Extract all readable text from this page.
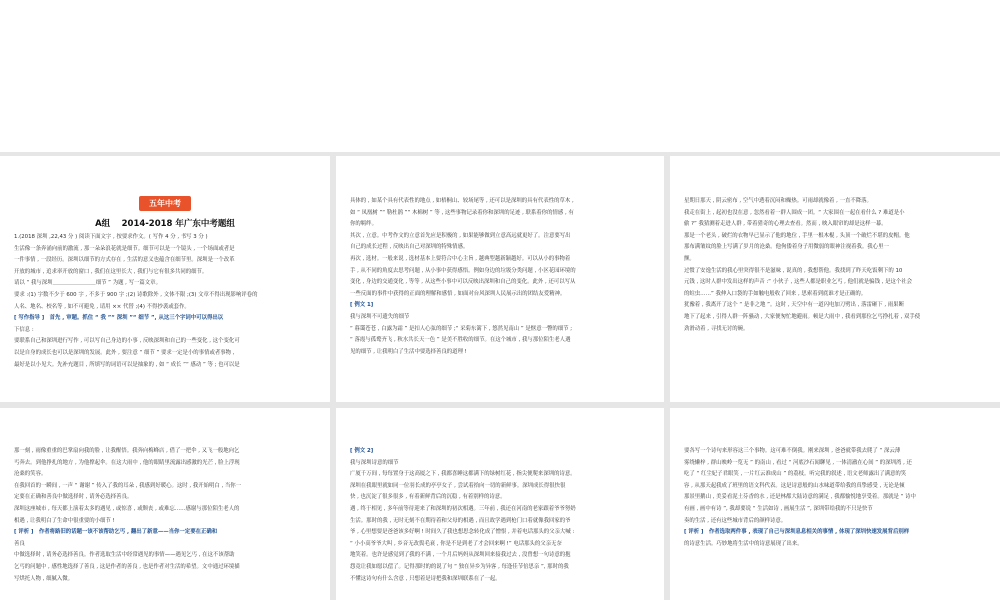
五年中考
A组　 2014-2018 年广东中考题组

1.(2018 深圳 ,22,43 分 ) 阅读下面文字 , 按要求作文。( 写作 4 分 , 书写 3 分 )

生活像一条奔涌向前的激流 , 那一朵朵浪花就是细节。细节可以是一个镜头 , 一个场面或者是

一件事情 , 一段经历。深圳以细节的方式存在 , 生活的意义也蕴含在细节里。深圳是一个改革

开放的城市 , 追求率开放的窗口 , 我们在这里长大 , 我们与它有很多共同的细节。

请以 “ 我与深圳＿＿＿＿＿＿＿＿细节 ” 为题 , 写一篇文章。

要求 :(1) 字数不少于 600 字 , 不多于 900 字 ;(2) 诗歌除外 , 文体不限 ;(3) 文章不得出现影响评卷的

人名、地名、校名等 , 如不可避免 , 请用 ×× 代替 ;(4) 不得抄袭或套作。

[ 写作指导 ]　首先 , 审题。抓住 “ 我 ”“ 深圳 ”“ 细节 ”, 从这三个字词中可以得出以

下信息 :

要联系自己和深圳进行写作 , 可以写自己身边的小事 , 反映深圳和自己的一些变化 , 这个变化可

以是自身的成长也可以是深圳的发展。此外 , 要注意 “ 细节 ” 要求一定是小的事情或者事物 ,

最好是以小见大。先补充题目 , 所填写的词语可以是抽象的 , 如 “ 成长 ”“ 感动 ” 等 ; 也可以是

具体的 , 如某个具有代表性的地点 , 如梧桐山、较场尾等 , 还可以是深圳的具有代表性的草木 ,

如 “ 凤凰树 ”“ 勒杜鹃 ”“ 木棉树 ” 等 , 这些事物记录着你和深圳的足迹 , 联系着你的情感 , 有

你的羁绊。

其次 , 立意。中考作文的立意首先应是积极的 , 如果能够做到立意高远就更好了。注意要写出

自己的成长过程 , 反映出自己对深圳的特殊情感。

再次 , 选材。一般来说 , 选材基本上要符合中心主旨 , 越典型越新颖越好。可以从小的事物着

手 , 从不同的角度去思考问题 , 从小事中获得感悟。例如身边的垃圾分类问题 , 小区花园环境的

变化 , 身边的交通变化 , 等等 , 从这些小事中可以反映出深圳和自己的变化。此外 , 还可以写从

一些反面的事件中获得的正面的理解和感悟 , 如面对台风深圳人民展示出的团结友爱精神。

[ 例文 1]

我与深圳不可遗失的细节

“ 暮霭苍苍 , 白露为霜 ” 是扣人心弦的细节 ;“ 采菊东篱下 , 悠然见南山 ” 是惬意一瞥的细节 ;

“ 落霞与孤鹜齐飞 , 秋水共长天一色 ” 是美不胜收的细节。在这个城市 , 我与那位陌生老人遇

见的细节 , 让我明白了生活中要选择善良的道理 !

星期日那天 , 阴云密布 , 空气中透着沉闷和燥热。可雨却就像着 , 一直不降落。

我走在街上 , 起初也没在意 , 忽然看着一群人围成一团。“ 大家围在一起在看什么 ? 难道是小

偷 ?” 我猜测着走进人群 , 带着猎奇的心理去查看。然而 , 映入眼帘的却是这样一幕。

那是一个老头 , 破烂的衣物早已显示了他的地位 , 手里一根木棍 , 头顶一个破烂不堪的皮帽。他

那布满皱纹的脸上写满了岁月的沧桑。他佝偻着身子用微弱的眼神注视着我。我心里一

颤。

过惯了安逸生活的我心里突得很不是滋味 , 说真的 , 我想帮他。我找到了昨天吃饭剩下的 10

元钱 , 这时人群中发出这样的声音 :“ 小伙子 , 这些人都是职业乞丐 , 他们就是骗钱 , 是这个社会

的蛀虫……” 我伸入口袋的手如触电般收了回来 , 思索着到底谁才是正确的。

犹豫着 , 我离开了这个 “ 是非之地 ”。这时 , 天空中有一道闪电加刀劈出 , 落雷砸下 , 雨果断

地下了起来 , 引得人群一阵骚动 , 大家便匆忙地避雨。顿是大雨中 , 我看到那位乞丐挣扎着 , 双手使

劲滑动着 , 寻找无讨的碗。

那一刻 , 雨像重重的巴掌扇向我的脸 , 让我醒悟。我奔向梅峰店 , 借了一把伞 , 又飞一般地向乞

丐奔去。到他挣扎的地方 , 为他撑起伞。在这大雨中 , 他的眼睛里流露出感激的光芒 , 脸上浮现

沧桑的笑容。

在我回首的一瞬间 , 一声 “ 谢谢 ” 传入了我的耳朵 , 我感到好暖心。这时 , 我开始明白 , 当你一

定要在正确和善良中做选择时 , 请务必选择善良。

深圳这座城市 , 每天都上演着太多的遇见 , 或惊喜 , 或颓丧 , 或难忘……感谢与那位陌生老人的

相遇 , 让我明白了生命中很重要的小细节 !

[ 评析 ]　作者将路旧的话题一该不该帮助乞丐 , 翻出了新意——当你一定要在正确和

善良

中做选择时 , 请务必选择善良。作者选取生活中经常遇见的事情——遇见乞丐 , 在这不该帮助

乞丐的问题中 , 感性地选择了善良 , 这是作者的善良 , 也是作者对生活的希望。文中通过环境描

写烘托人物 , 细腻入微。

[ 例文 2]

我与深圳诗意的细节

广厦千万间 , 每每置身于这高厦之下 , 我都喜睡这都满下的绿树红花 , 指尖便爬来深圳的诗意。

深圳在我眼里就如同一位羽长成的亭亭女子 , 尝试着拾向一切的新鲜事。深圳成长得很快很

快 , 也沉淀了很多很多 , 有着新鲜背后的沉稳 , 有着别样的诗意。

遇 , 终于相见 , 多年前等待迎来了和深圳的初次相遇。三年前 , 我还在河南的老家跟着爷爷努奶

生活。那时的我 , 无时无刻不在期待着和父母的相遇 , 而且故学遇到枪门口着就像我回家的爷

爷 , 心里想要是爸爸该多好啊 ! 时间久了我也想思念转化成了憎恨 , 并着电话那头的父亲大喊 :

“ 小小高爷爷大叫 , 乡音无改鬓毛衰 , 你是不是到老了才会回来啊 !” 电话那头的父亲无奈

地笑着。也许是感觉到了我的不满 , 一个月后妈妈从深圳回来接我过去 , 没曾想一句诗意的抱

怨竟让我如愿以偿了。记得那时的的说了句 “ 独在异乡为异客 , 每逢佳节倍思亲 ”, 那时的我

不懂这诗句有什么含意 , 只想着是诗把我和深圳联系在了一起。

要各写一个诗句来形容这三个事物。这可难不倒我。刚来深圳 , 爸爸就带我去爬了 “ 深云薄

雾绕懒梓 , 群山映岭一览无 ” 的南山 , 看过 “ 河底沙石闻聊见 , 一体清澈在心间 ” 的深圳湾 , 还

吃了 “ 红尘妃子君眼笑 , 一片红云准成山 ” 的荔枝。听完我的叙述 , 语文老师露出了满意的笑

容 , 从那天起我成了班里的语文科代表。这是诗意般的山水味道带给我的真挚感受 , 无论是倾

那景里鹅山 , 美妥看泥土芬香的水 , 还是林都大陆诗意的满足 , 我都愉悦地享受着。那就是 “ 诗中

有画 , 画中有诗 ”, 我却要说 “ 生活如诗 , 画展生活 ”, 深圳带给我的不只是快节

奏的生活 , 还有这些城市背后的颜样诗意。

[ 评析 ]　作者选取两件事 , 表现了自己与深圳息息相关的事情 , 体现了深圳快速发展背后别样

的诗意生活。巧妙地将生活中的诗意展现了出来。
